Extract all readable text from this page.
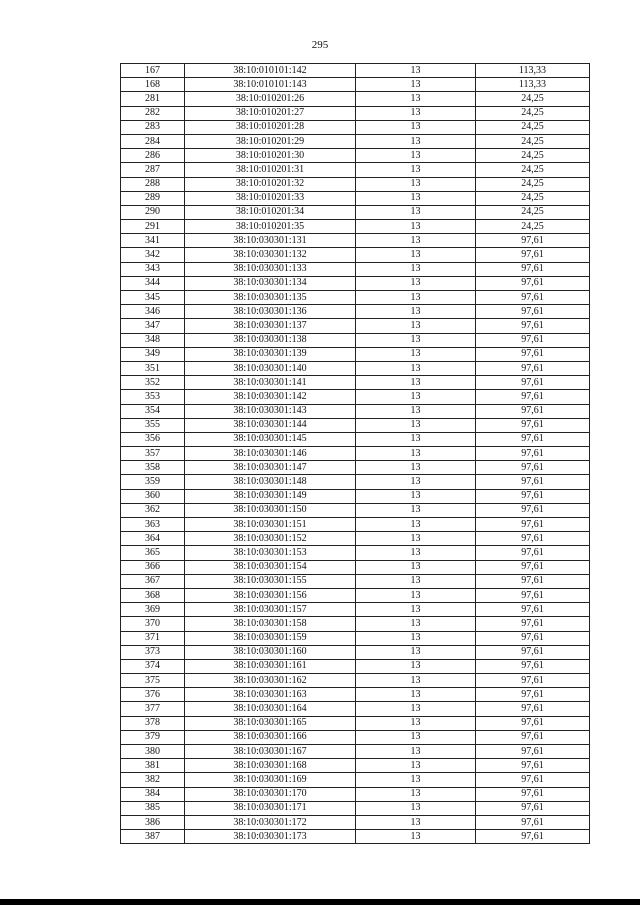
295
167	38:10:010101:142	13	113,33
168	38:10:010101:143	13	113,33
281	38:10:010201:26	13	24,25
282	38:10:010201:27	13	24,25
283	38:10:010201:28	13	24,25
284	38:10:010201:29	13	24,25
286	38:10:010201:30	13	24,25
287	38:10:010201:31	13	24,25
288	38:10:010201:32	13	24,25
289	38:10:010201:33	13	24,25
290	38:10:010201:34	13	24,25
291	38:10:010201:35	13	24,25
341	38:10:030301:131	13	97,61
342	38:10:030301:132	13	97,61
343	38:10:030301:133	13	97,61
344	38:10:030301:134	13	97,61
345	38:10:030301:135	13	97,61
346	38:10:030301:136	13	97,61
347	38:10:030301:137	13	97,61
348	38:10:030301:138	13	97,61
349	38:10:030301:139	13	97,61
351	38:10:030301:140	13	97,61
352	38:10:030301:141	13	97,61
353	38:10:030301:142	13	97,61
354	38:10:030301:143	13	97,61
355	38:10:030301:144	13	97,61
356	38:10:030301:145	13	97,61
357	38:10:030301:146	13	97,61
358	38:10:030301:147	13	97,61
359	38:10:030301:148	13	97,61
360	38:10:030301:149	13	97,61
362	38:10:030301:150	13	97,61
363	38:10:030301:151	13	97,61
364	38:10:030301:152	13	97,61
365	38:10:030301:153	13	97,61
366	38:10:030301:154	13	97,61
367	38:10:030301:155	13	97,61
368	38:10:030301:156	13	97,61
369	38:10:030301:157	13	97,61
370	38:10:030301:158	13	97,61
371	38:10:030301:159	13	97,61
373	38:10:030301:160	13	97,61
374	38:10:030301:161	13	97,61
375	38:10:030301:162	13	97,61
376	38:10:030301:163	13	97,61
377	38:10:030301:164	13	97,61
378	38:10:030301:165	13	97,61
379	38:10:030301:166	13	97,61
380	38:10:030301:167	13	97,61
381	38:10:030301:168	13	97,61
382	38:10:030301:169	13	97,61
384	38:10:030301:170	13	97,61
385	38:10:030301:171	13	97,61
386	38:10:030301:172	13	97,61
387	38:10:030301:173	13	97,61
